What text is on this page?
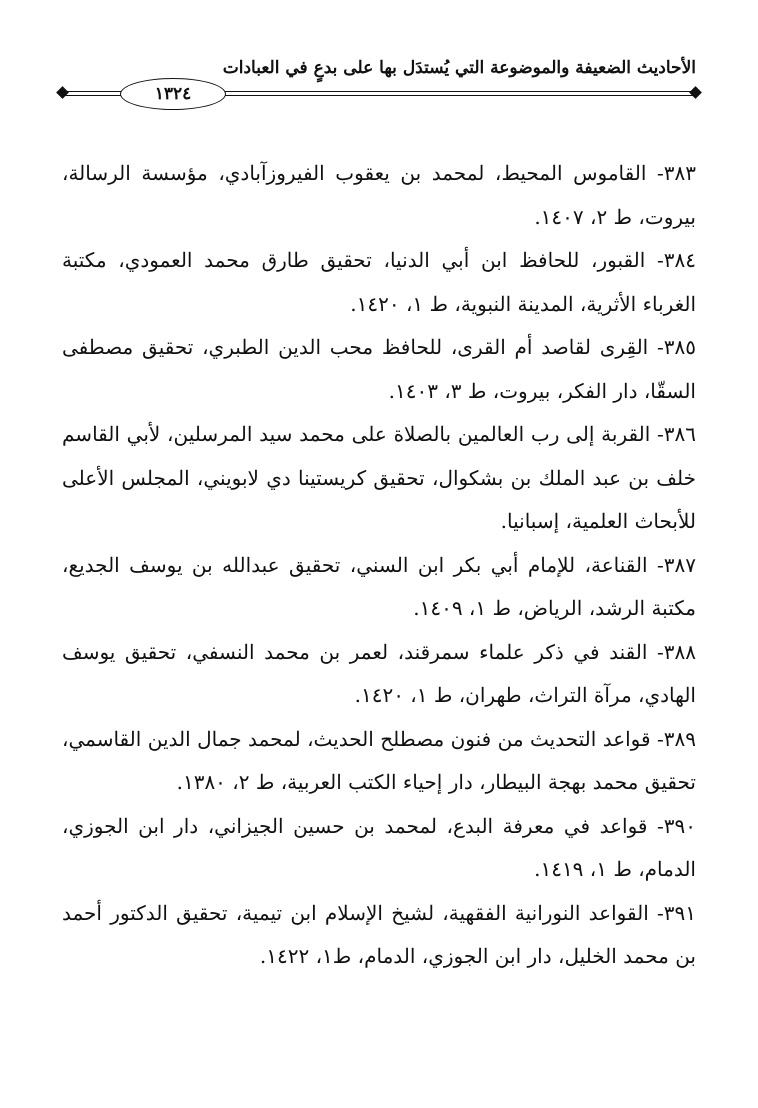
الأحاديث الضعيفة والموضوعة التي يُستدَل بها على بدعٍ في العبادات
١٣٢٤

٣٨٣- القاموس المحيط، لمحمد بن يعقوب الفيروزآبادي، مؤسسة الرسالة، بيروت، ط ٢، ١٤٠٧.

٣٨٤- القبور، للحافظ ابن أبي الدنيا، تحقيق طارق محمد العمودي، مكتبة الغرباء الأثرية، المدينة النبوية، ط ١، ١٤٢٠.

٣٨٥- القِرى لقاصد أم القرى، للحافظ محب الدين الطبري، تحقيق مصطفى السقّا، دار الفكر، بيروت، ط ٣، ١٤٠٣.

٣٨٦- القربة إلى رب العالمين بالصلاة على محمد سيد المرسلين، لأبي القاسم خلف بن عبد الملك بن بشكوال، تحقيق كريستينا دي لابويني، المجلس الأعلى للأبحاث العلمية، إسبانيا.

٣٨٧- القناعة، للإمام أبي بكر ابن السني، تحقيق عبدالله بن يوسف الجديع، مكتبة الرشد، الرياض، ط ١، ١٤٠٩.

٣٨٨- القند في ذكر علماء سمرقند، لعمر بن محمد النسفي، تحقيق يوسف الهادي، مرآة التراث، طهران، ط ١، ١٤٢٠.

٣٨٩- قواعد التحديث من فنون مصطلح الحديث، لمحمد جمال الدين القاسمي، تحقيق محمد بهجة البيطار، دار إحياء الكتب العربية، ط ٢، ١٣٨٠.

٣٩٠- قواعد في معرفة البدع، لمحمد بن حسين الجيزاني، دار ابن الجوزي، الدمام، ط ١، ١٤١٩.

٣٩١- القواعد النورانية الفقهية، لشيخ الإسلام ابن تيمية، تحقيق الدكتور أحمد بن محمد الخليل، دار ابن الجوزي، الدمام، ط١، ١٤٢٢.
